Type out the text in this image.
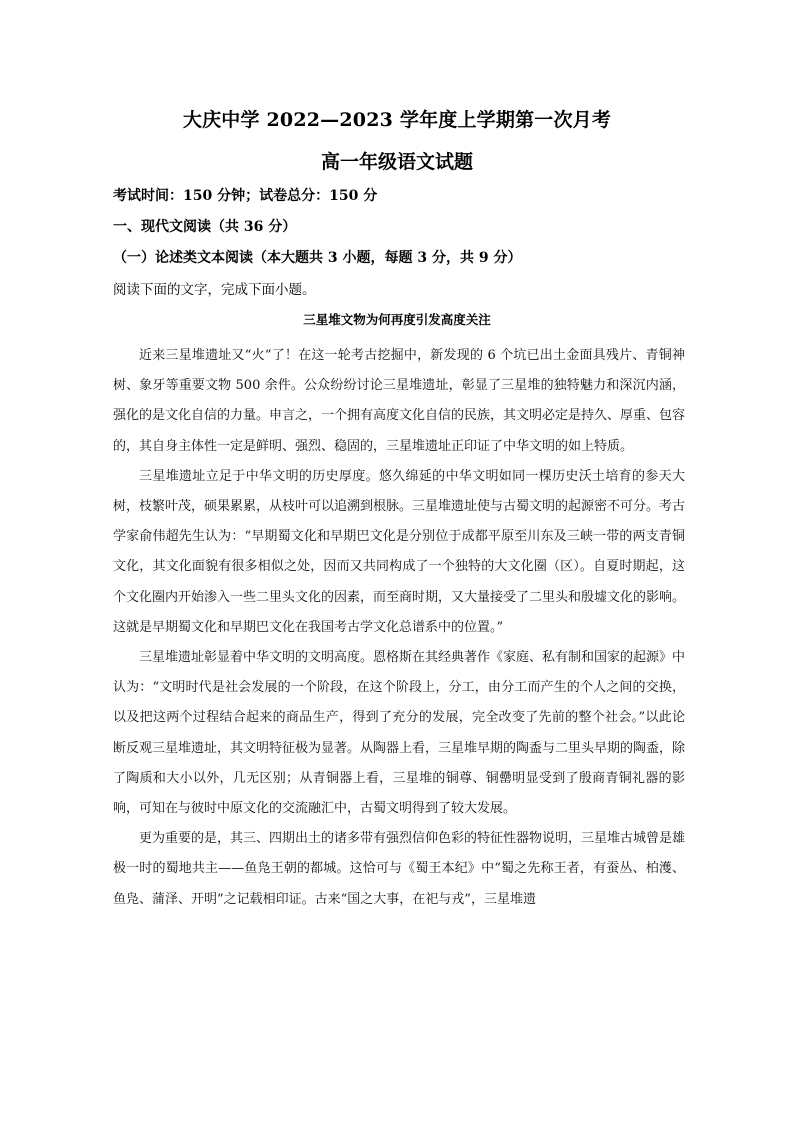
大庆中学 2022—2023 学年度上学期第一次月考
高一年级语文试题
考试时间：150 分钟；试卷总分：150 分
一、现代文阅读（共 36 分）
（一）论述类文本阅读（本大题共 3 小题，每题 3 分，共 9 分）
阅读下面的文字，完成下面小题。
三星堆文物为何再度引发高度关注

近来三星堆遗址又“火”了！在这一轮考古挖掘中，新发现的 6 个坑已出土金面具残片、青铜神树、象牙等重要文物 500 余件。公众纷纷讨论三星堆遗址，彰显了三星堆的独特魅力和深沉内涵，强化的是文化自信的力量。申言之，一个拥有高度文化自信的民族，其文明必定是持久、厚重、包容的，其自身主体性一定是鲜明、强烈、稳固的，三星堆遗址正印证了中华文明的如上特质。

三星堆遗址立足于中华文明的历史厚度。悠久绵延的中华文明如同一棵历史沃土培育的参天大树，枝繁叶茂，硕果累累，从枝叶可以追溯到根脉。三星堆遗址使与古蜀文明的起源密不可分。考古学家俞伟超先生认为：“早期蜀文化和早期巴文化是分别位于成都平原至川东及三峡一带的两支青铜文化，其文化面貌有很多相似之处，因而又共同构成了一个独特的大文化圈（区）。自夏时期起，这个文化圈内开始渗入一些二里头文化的因素，而至商时期，又大量接受了二里头和殷墟文化的影响。这就是早期蜀文化和早期巴文化在我国考古学文化总谱系中的位置。”

三星堆遗址彰显着中华文明的文明高度。恩格斯在其经典著作《家庭、私有制和国家的起源》中认为：“文明时代是社会发展的一个阶段，在这个阶段上，分工，由分工而产生的个人之间的交换，以及把这两个过程结合起来的商品生产，得到了充分的发展，完全改变了先前的整个社会。”以此论断反观三星堆遗址，其文明特征极为显著。从陶器上看，三星堆早期的陶盉与二里头早期的陶盉，除了陶质和大小以外，几无区别；从青铜器上看，三星堆的铜尊、铜罍明显受到了殷商青铜礼器的影响，可知在与彼时中原文化的交流融汇中，古蜀文明得到了较大发展。

更为重要的是，其三、四期出土的诸多带有强烈信仰色彩的特征性器物说明，三星堆古城曾是雄极一时的蜀地共主——鱼凫王朝的都城。这恰可与《蜀王本纪》中“蜀之先称王者，有蚕丛、柏濩、鱼凫、蒲泽、开明”之记载相印证。古来“国之大事，在祀与戎”，三星堆遗
